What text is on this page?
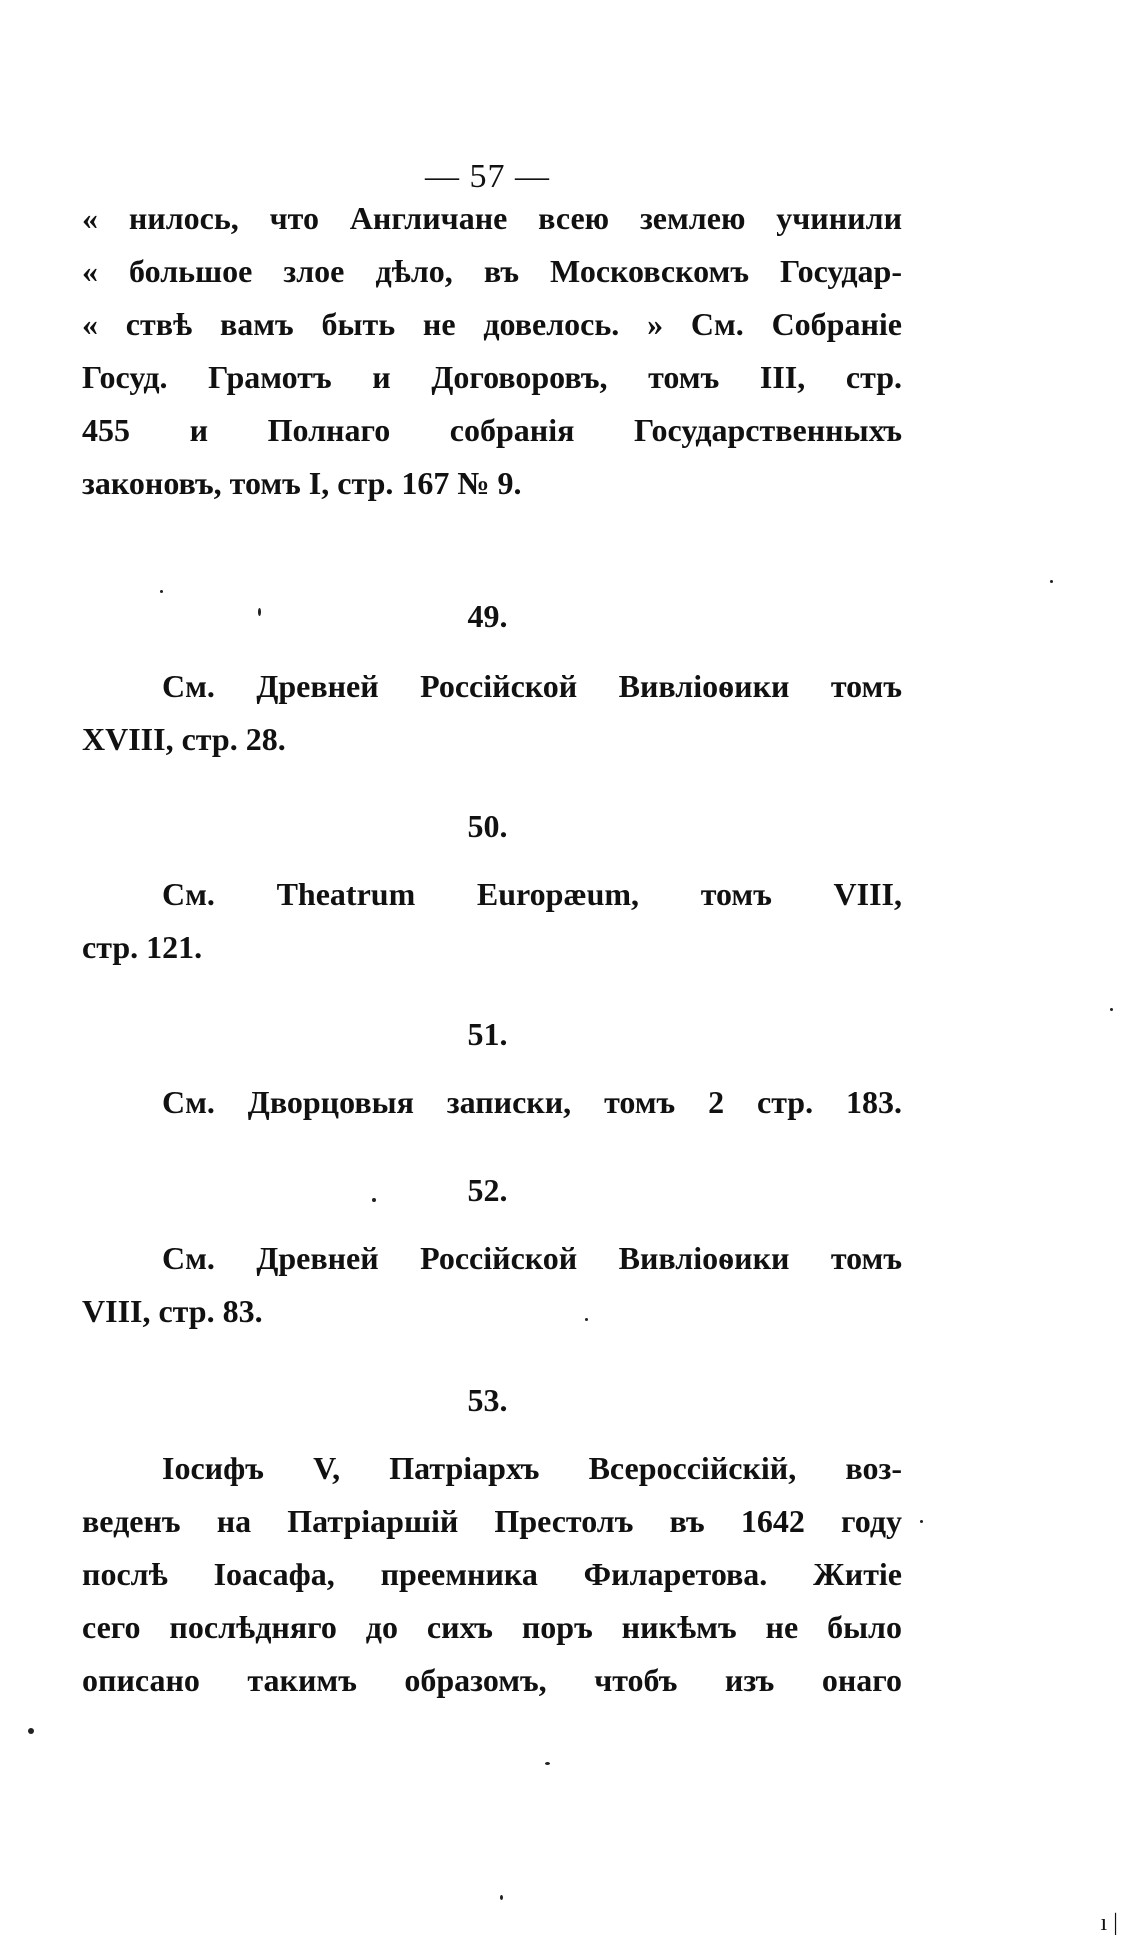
— 57 —
« нилось, что Англичане всею землею учинили
« большое злое дѣло, въ Московскомъ Государ-
« ствѣ вамъ быть не довелось. » См. Собраніе
Госуд. Грамотъ и Договоровъ, томъ III, стр.
455 и Полнаго собранія Государственныхъ
законовъ, томъ I, стр. 167 № 9.
49.
См. Древней Россійской Вивліоѳики томъ
XVIII, стр. 28.
50.
См. Theatrum Europæum, томъ VIII,
стр. 121.
51.
См. Дворцовыя записки, томъ 2 стр. 183.
52.
См. Древней Россійской Вивліоѳики томъ
VIII, стр. 83.
53.
Іосифъ V, Патріархъ Всероссійскій, воз-
веденъ на Патріаршій Престолъ въ 1642 году
послѣ Іоасафа, преемника Филаретова. Житіе
сего послѣдняго до сихъ поръ никѣмъ не было
описано такимъ образомъ, чтобъ изъ онаго
ı |
